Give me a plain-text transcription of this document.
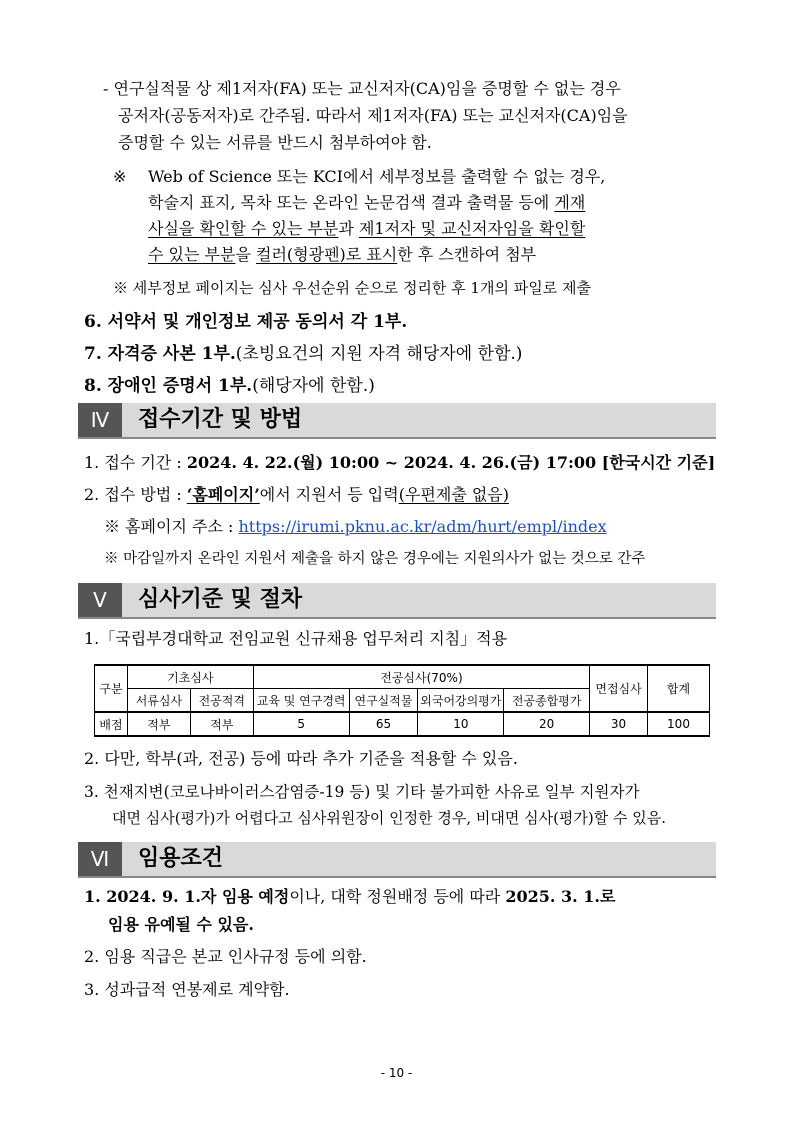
- 연구실적물 상 제1저자(FA) 또는 교신저자(CA)임을 증명할 수 없는 경우
공저자(공동저자)로 간주됨. 따라서 제1저자(FA) 또는 교신저자(CA)임을
증명할 수 있는 서류를 반드시 첨부하여야 함.
※ Web of Science 또는 KCI에서 세부정보를 출력할 수 없는 경우,
학술지 표지, 목차 또는 온라인 논문검색 결과 출력물 등에 게재
사실을 확인할 수 있는 부분과 제1저자 및 교신저자임을 확인할
수 있는 부분을 컬러(형광펜)로 표시한 후 스캔하여 첨부
※ 세부정보 페이지는 심사 우선순위 순으로 정리한 후 1개의 파일로 제출
6. 서약서 및 개인정보 제공 동의서 각 1부.
7. 자격증 사본 1부.(초빙요건의 지원 자격 해당자에 한함.)
8. 장애인 증명서 1부.(해당자에 한함.)
Ⅳ	접수기간 및 방법
1. 접수 기간 : 2024. 4. 22.(월) 10:00 ~ 2024. 4. 26.(금) 17:00 [한국시간 기준]
2. 접수 방법 : ‘홈페이지’에서 지원서 등 입력(우편제출 없음)
※ 홈페이지 주소 : https://irumi.pknu.ac.kr/adm/hurt/empl/index
※ 마감일까지 온라인 지원서 제출을 하지 않은 경우에는 지원의사가 없는 것으로 간주
Ⅴ	심사기준 및 절차
1.「국립부경대학교 전임교원 신규채용 업무처리 지침」적용
구분	기초심사		전공심사(70%)				면접심사	합계
	서류심사	전공적격	교육 및 연구경력	연구실적물	외국어강의평가	전공종합평가		
배점	적부	적부	5	65	10	20	30	100
2. 다만, 학부(과, 전공) 등에 따라 추가 기준을 적용할 수 있음.
3. 천재지변(코로나바이러스감염증-19 등) 및 기타 불가피한 사유로 일부 지원자가
대면 심사(평가)가 어렵다고 심사위원장이 인정한 경우, 비대면 심사(평가)할 수 있음.
Ⅵ	임용조건
1. 2024. 9. 1.자 임용 예정이나, 대학 정원배정 등에 따라 2025. 3. 1.로
임용 유예될 수 있음.
2. 임용 직급은 본교 인사규정 등에 의함.
3. 성과급적 연봉제로 계약함.
- 10 -
